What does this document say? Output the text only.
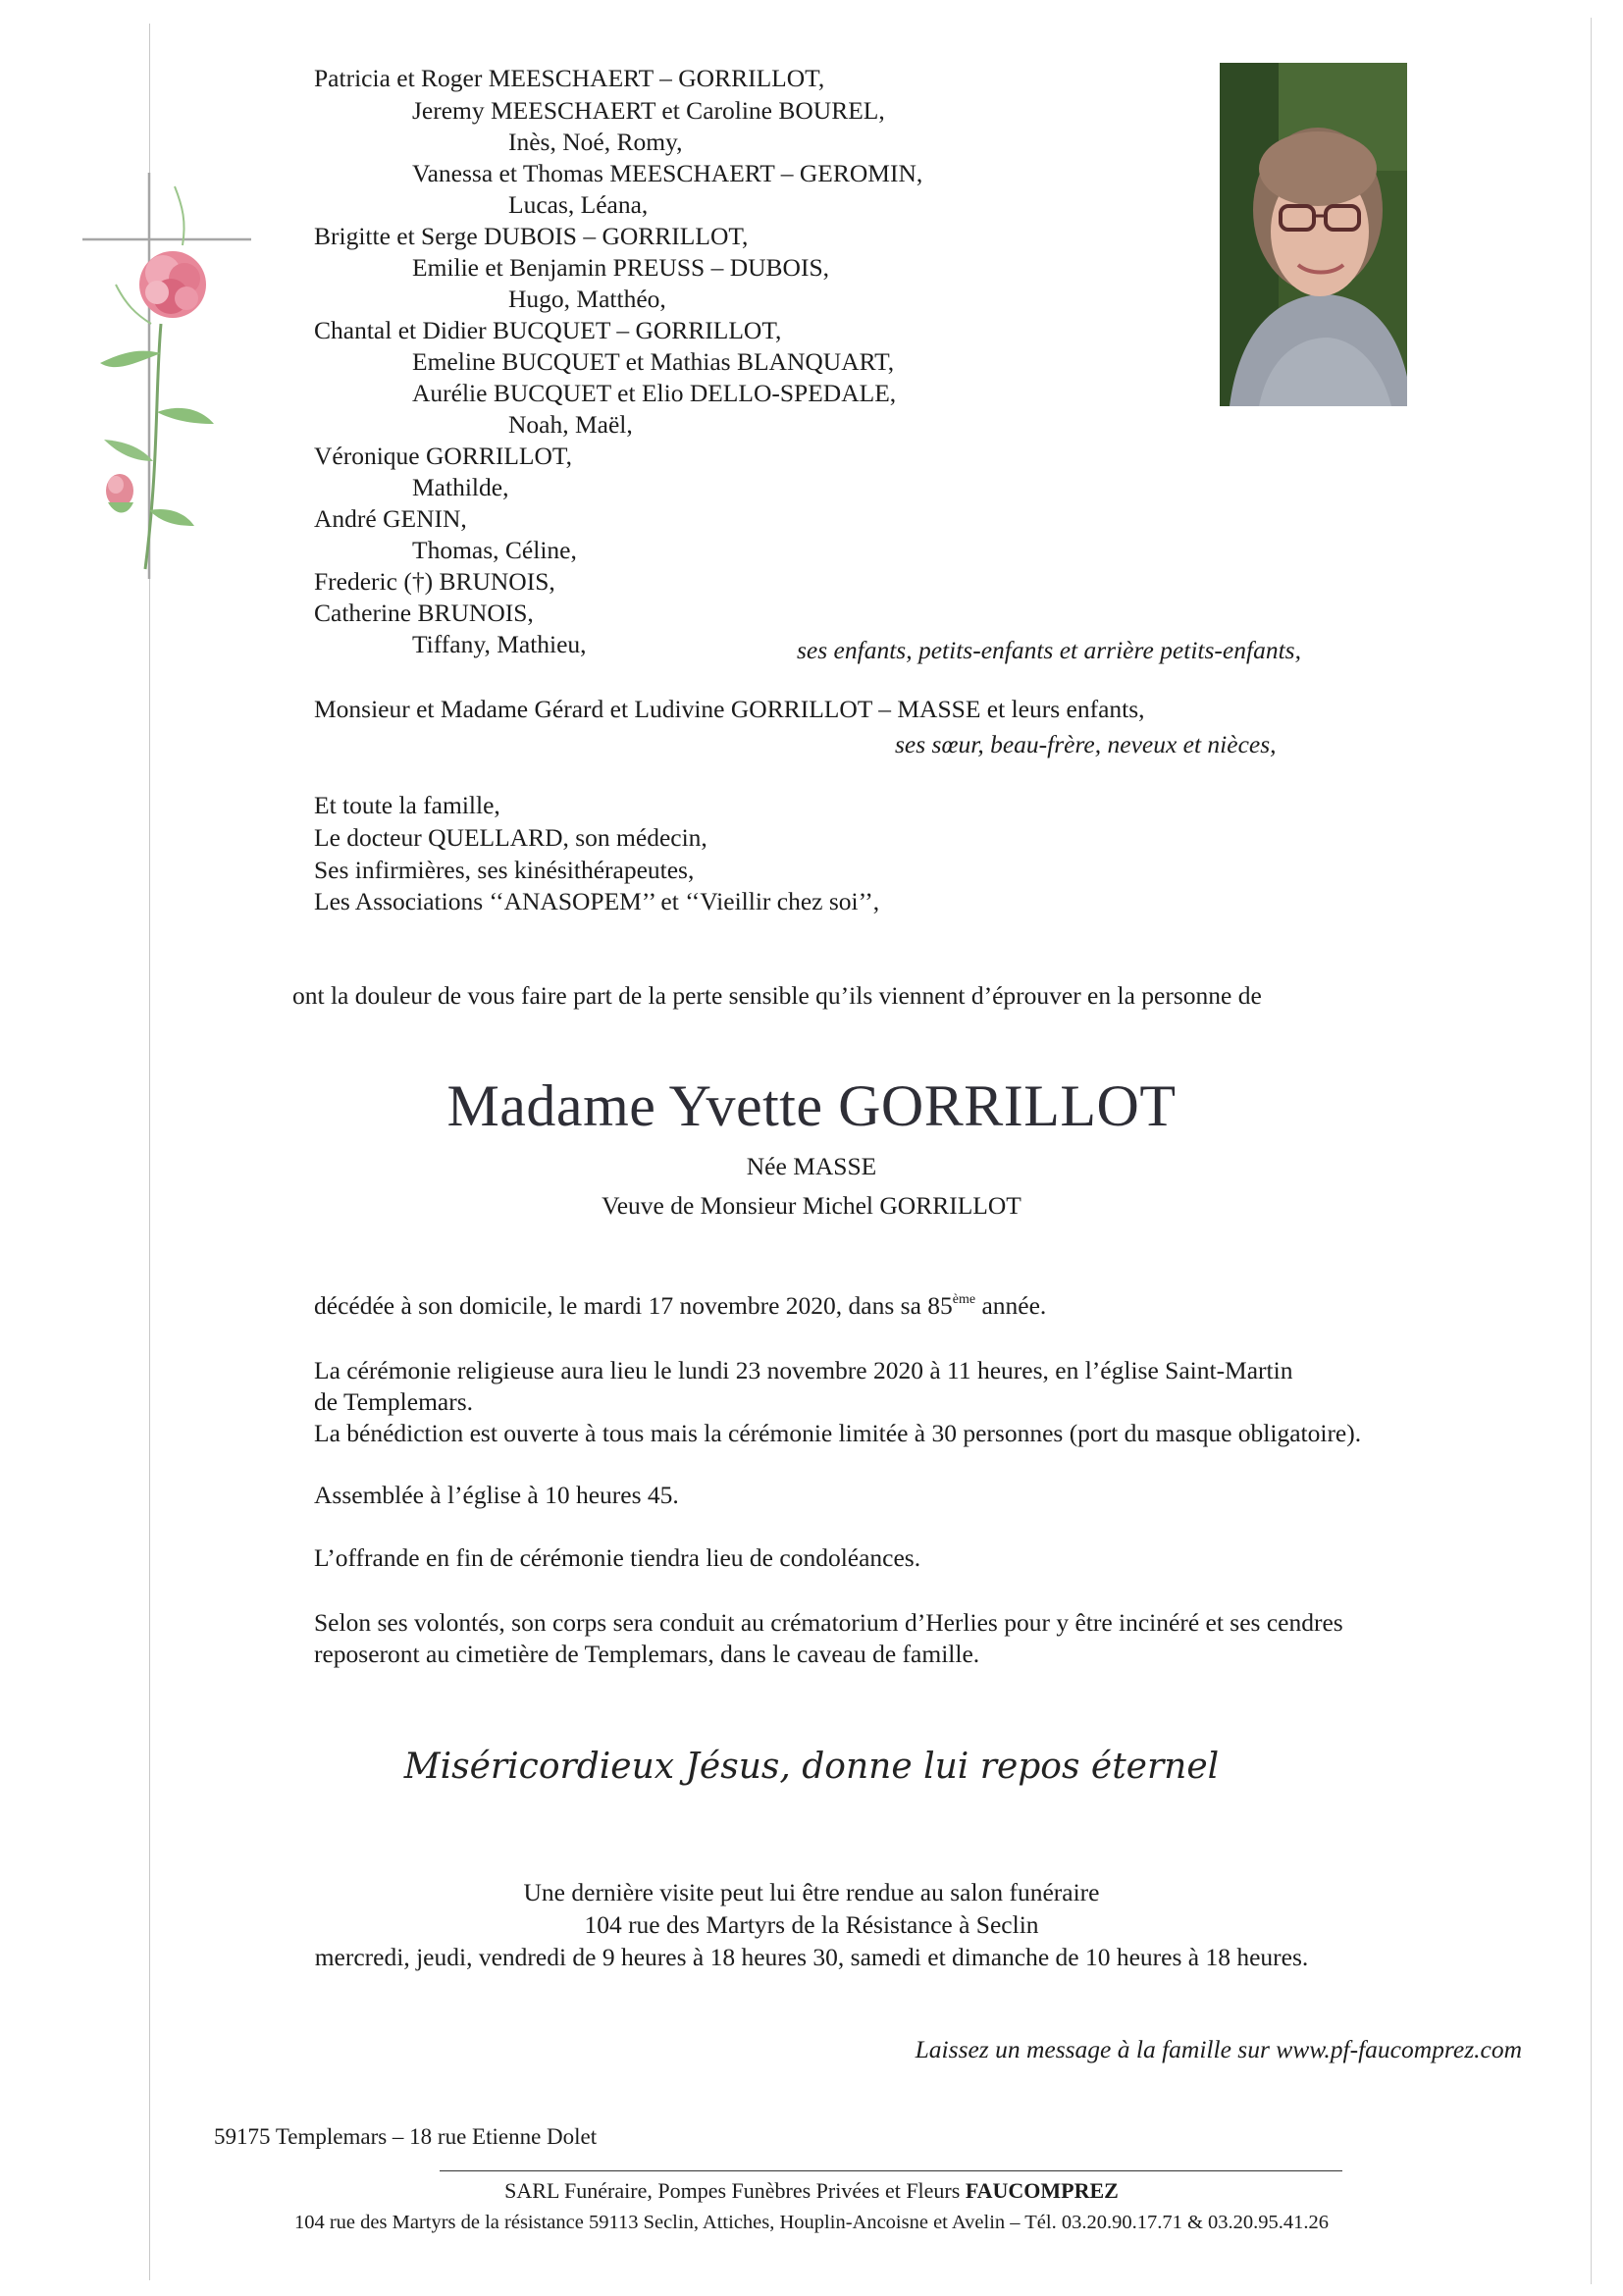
Patricia et Roger MEESCHAERT – GORRILLOT,
Jeremy MEESCHAERT et Caroline BOUREL,
Inès, Noé, Romy,
Vanessa et Thomas MEESCHAERT – GEROMIN,
Lucas, Léana,
Brigitte et Serge DUBOIS – GORRILLOT,
Emilie et Benjamin PREUSS – DUBOIS,
Hugo, Matthéo,
Chantal et Didier BUCQUET – GORRILLOT,
Emeline BUCQUET et Mathias BLANQUART,
Aurélie BUCQUET et Elio DELLO-SPEDALE,
Noah, Maël,
Véronique GORRILLOT,
Mathilde,
André GENIN,
Thomas, Céline,
Frederic (†) BRUNOIS,
Catherine BRUNOIS,
Tiffany, Mathieu,	ses enfants, petits-enfants et arrière petits-enfants,
Monsieur et Madame Gérard et Ludivine GORRILLOT – MASSE et leurs enfants,
ses sœur, beau-frère, neveux et nièces,
Et toute la famille,
Le docteur QUELLARD, son médecin,
Ses infirmières, ses kinésithérapeutes,
Les Associations ‘‘ANASOPEM’’ et ‘‘Vieillir chez soi’’,
ont la douleur de vous faire part de la perte sensible qu’ils viennent d’éprouver en la personne de
Madame Yvette GORRILLOT
Née MASSE
Veuve de Monsieur Michel GORRILLOT
décédée à son domicile, le mardi 17 novembre 2020, dans sa 85ème année.
La cérémonie religieuse aura lieu le lundi 23 novembre 2020 à 11 heures, en l’église Saint-Martin
de Templemars.
La bénédiction est ouverte à tous mais la cérémonie limitée à 30 personnes (port du masque obligatoire).
Assemblée à l’église à 10 heures 45.
L’offrande en fin de cérémonie tiendra lieu de condoléances.
Selon ses volontés, son corps sera conduit au crématorium d’Herlies pour y être incinéré et ses cendres
reposeront au cimetière de Templemars, dans le caveau de famille.
Miséricordieux Jésus, donne lui repos éternel
Une dernière visite peut lui être rendue au salon funéraire
104 rue des Martyrs de la Résistance à Seclin
mercredi, jeudi, vendredi de 9 heures à 18 heures 30, samedi et dimanche de 10 heures à 18 heures.
Laissez un message à la famille sur www.pf-faucomprez.com
59175 Templemars – 18 rue Etienne Dolet
SARL Funéraire, Pompes Funèbres Privées et Fleurs FAUCOMPREZ
104 rue des Martyrs de la résistance 59113 Seclin, Attiches, Houplin-Ancoisne et Avelin – Tél. 03.20.90.17.71 & 03.20.95.41.26
